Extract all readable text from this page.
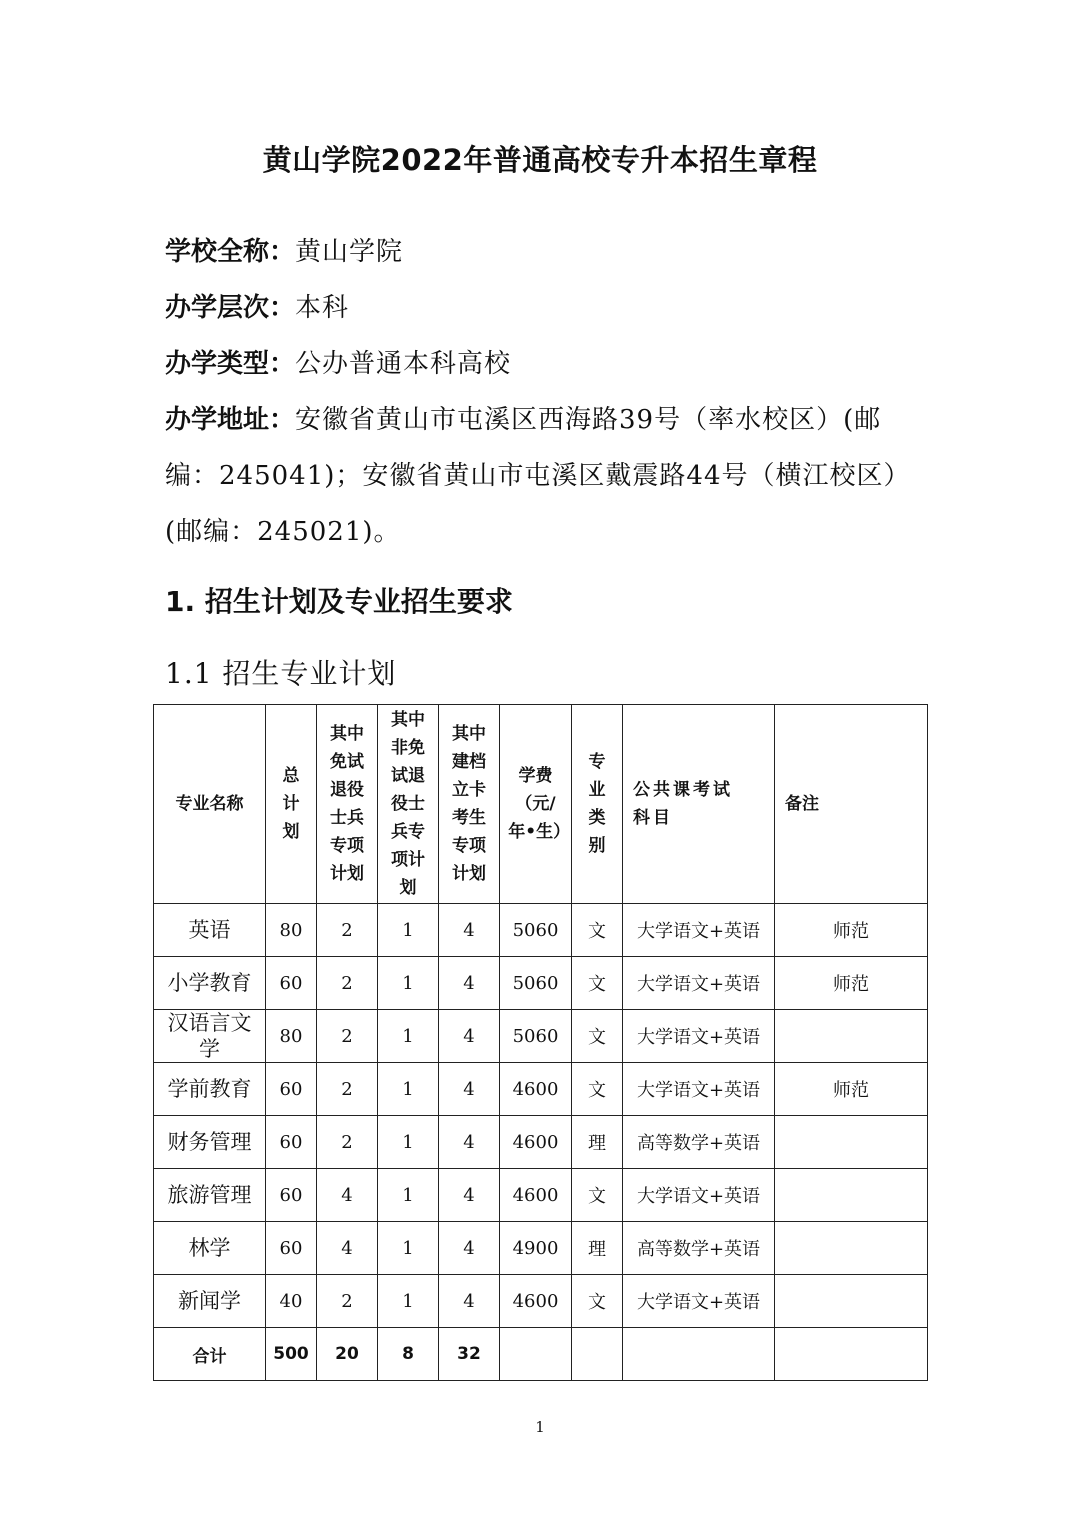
黄山学院2022年普通高校专升本招生章程
学校全称：黄山学院
办学层次：本科
办学类型：公办普通本科高校
办学地址：安徽省黄山市屯溪区西海路39号（率水校区）(邮编：245041)；安徽省黄山市屯溪区戴震路44号（横江校区）(邮编：245021)。
1. 招生计划及专业招生要求
1.1 招生专业计划
专业名称	总计划	其中免试退役士兵专项计划	其中非免试退役士兵专项计划	其中建档立卡考生专项计划	学费（元/年•生）	专业类别	公共课考试科目	备注
英语	80	2	1	4	5060	文	大学语文+英语	师范
小学教育	60	2	1	4	5060	文	大学语文+英语	师范
汉语言文学	80	2	1	4	5060	文	大学语文+英语	
学前教育	60	2	1	4	4600	文	大学语文+英语	师范
财务管理	60	2	1	4	4600	理	高等数学+英语	
旅游管理	60	4	1	4	4600	文	大学语文+英语	
林学	60	4	1	4	4900	理	高等数学+英语	
新闻学	40	2	1	4	4600	文	大学语文+英语	
合计	500	20	8	32				
1
